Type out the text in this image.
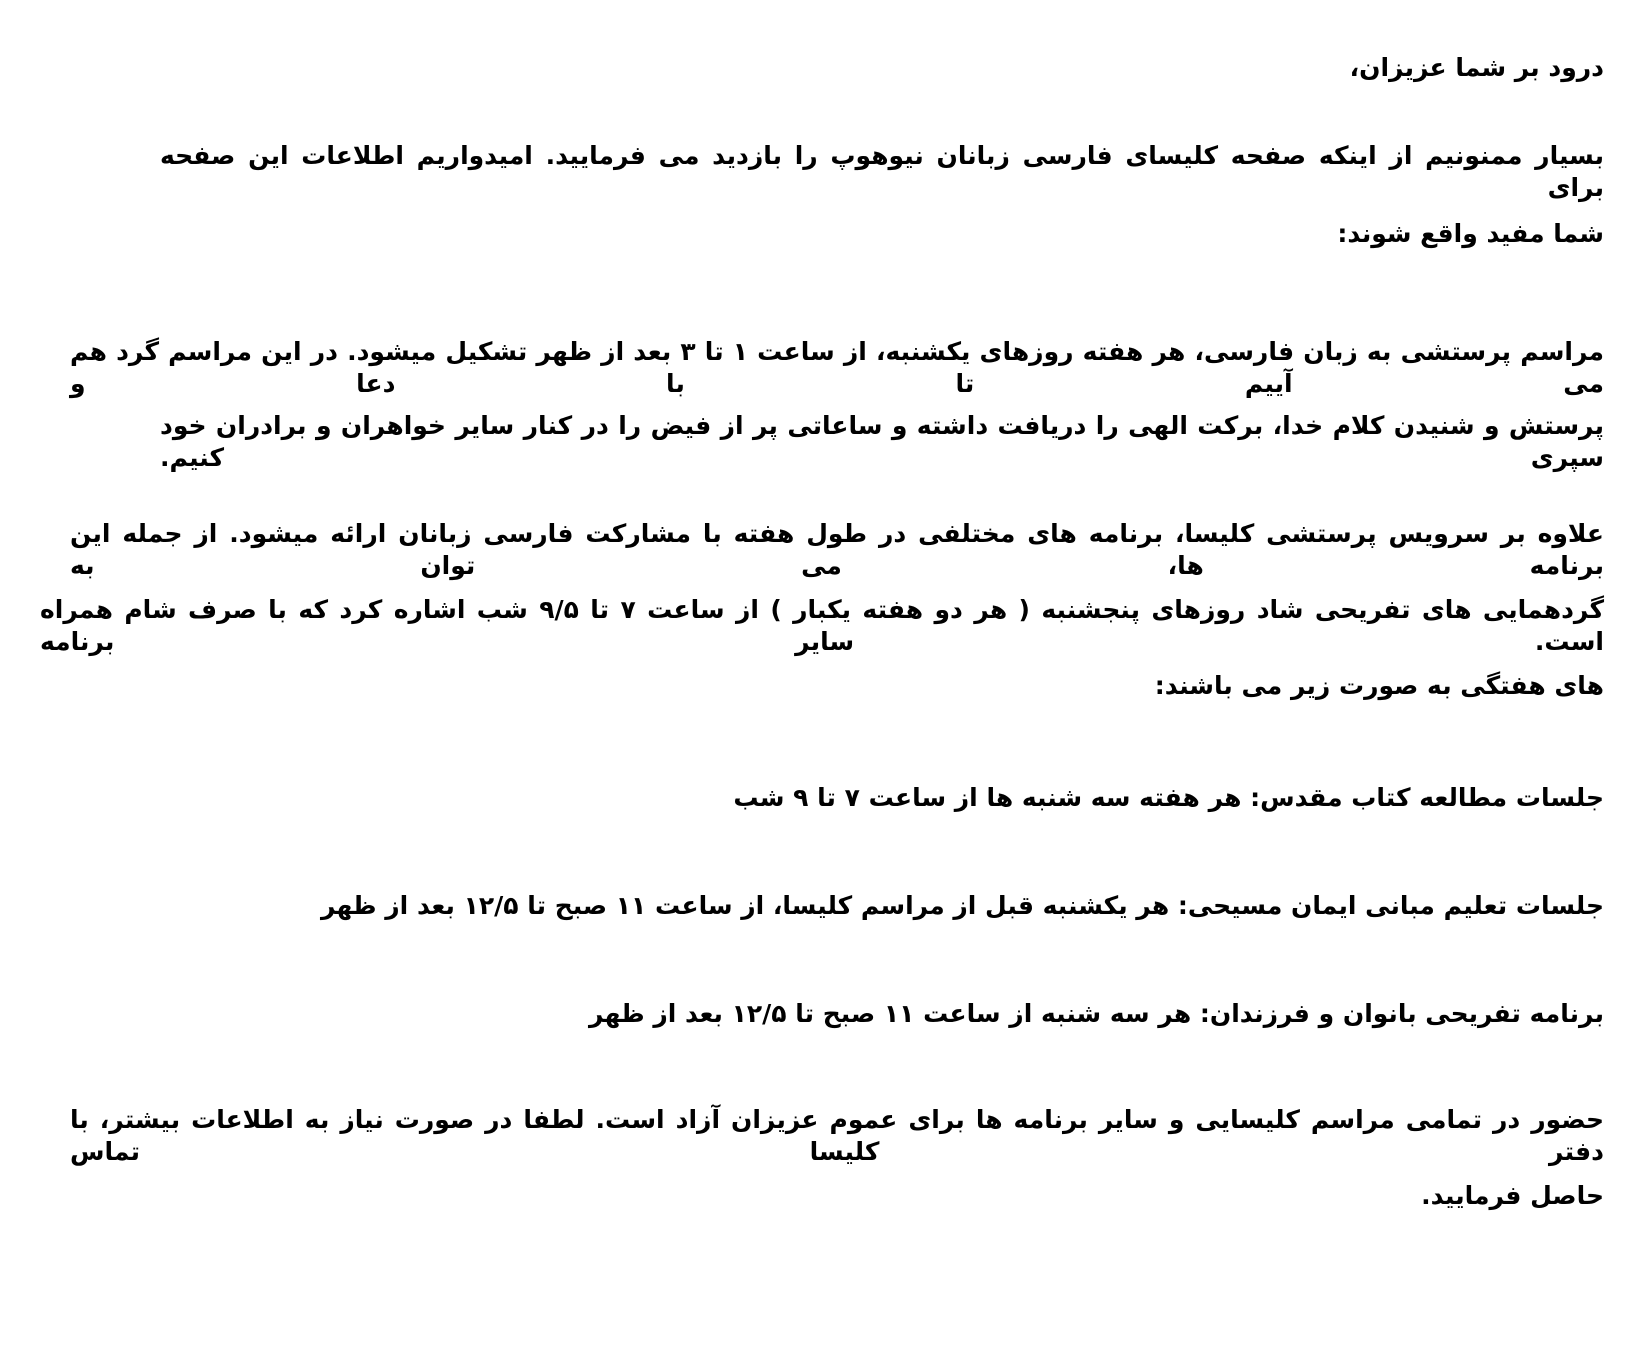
درود بر شما عزیزان،

بسیار ممنونیم از اینکه صفحه کلیسای فارسی زبانان نیوهوپ را بازدید می فرمایید. امیدواریم اطلاعات این صفحه برای

شما مفید واقع شوند:

مراسم پرستشی به زبان فارسی، هر هفته روزهای یکشنبه، از ساعت ۱ تا ۳ بعد از ظهر تشکیل میشود. در این مراسم گرد هم می آییم تا با دعا و

پرستش و شنیدن کلام خدا، برکت الهی را دریافت داشته و ساعاتی پر از فیض را در کنار سایر خواهران و برادران خود سپری کنیم.

علاوه بر سرویس پرستشی کلیسا، برنامه های مختلفی در طول هفته با مشارکت فارسی زبانان ارائه میشود. از جمله این برنامه ها، می توان به

گردهمایی های تفریحی شاد روزهای پنجشنبه ( هر دو هفته یکبار ) از ساعت ۷ تا ۹/۵ شب اشاره کرد که با صرف شام همراه است. سایر برنامه

های هفتگی به صورت زیر می باشند:

جلسات مطالعه کتاب مقدس: هر هفته سه شنبه ها از ساعت ۷ تا ۹ شب

جلسات تعلیم مبانی ایمان مسیحی: هر یکشنبه قبل از مراسم کلیسا، از ساعت ۱۱ صبح تا ۱۲/۵ بعد از ظهر

برنامه تفریحی بانوان و فرزندان: هر سه شنبه از ساعت ۱۱ صبح تا ۱۲/۵ بعد از ظهر

حضور در تمامی مراسم کلیسایی و سایر برنامه ها برای عموم عزیزان آزاد است. لطفا در صورت نیاز به اطلاعات بیشتر، با دفتر کلیسا تماس

حاصل فرمایید.
